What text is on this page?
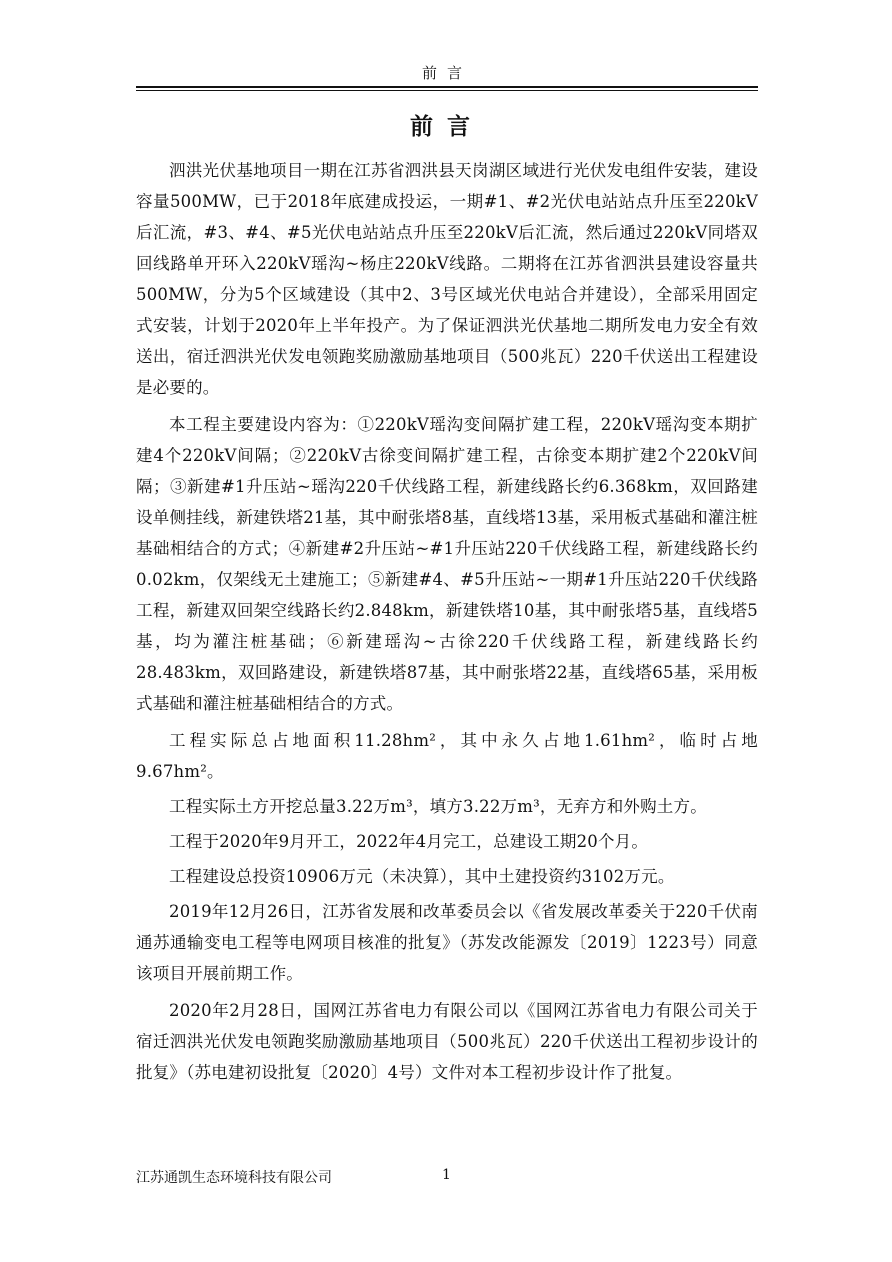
前言
前言

泗洪光伏基地项目一期在江苏省泗洪县天岗湖区域进行光伏发电组件安装，建设容量500MW，已于2018年底建成投运，一期#1、#2光伏电站站点升压至220kV后汇流，#3、#4、#5光伏电站站点升压至220kV后汇流，然后通过220kV同塔双回线路单开环入220kV瑶沟~杨庄220kV线路。二期将在江苏省泗洪县建设容量共500MW，分为5个区域建设（其中2、3号区域光伏电站合并建设），全部采用固定式安装，计划于2020年上半年投产。为了保证泗洪光伏基地二期所发电力安全有效送出，宿迁泗洪光伏发电领跑奖励激励基地项目（500兆瓦）220千伏送出工程建设是必要的。

本工程主要建设内容为：①220kV瑶沟变间隔扩建工程，220kV瑶沟变本期扩建4个220kV间隔；②220kV古徐变间隔扩建工程，古徐变本期扩建2个220kV间隔；③新建#1升压站~瑶沟220千伏线路工程，新建线路长约6.368km，双回路建设单侧挂线，新建铁塔21基，其中耐张塔8基，直线塔13基，采用板式基础和灌注桩基础相结合的方式；④新建#2升压站~#1升压站220千伏线路工程，新建线路长约0.02km，仅架线无土建施工；⑤新建#4、#5升压站~一期#1升压站220千伏线路工程，新建双回架空线路长约2.848km，新建铁塔10基，其中耐张塔5基，直线塔5基，均为灌注桩基础；⑥新建瑶沟~古徐220千伏线路工程，新建线路长约28.483km，双回路建设，新建铁塔87基，其中耐张塔22基，直线塔65基，采用板式基础和灌注桩基础相结合的方式。

工程实际总占地面积11.28hm²，其中永久占地1.61hm²，临时占地9.67hm²。

工程实际土方开挖总量3.22万m³，填方3.22万m³，无弃方和外购土方。

工程于2020年9月开工，2022年4月完工，总建设工期20个月。

工程建设总投资10906万元（未决算），其中土建投资约3102万元。

2019年12月26日，江苏省发展和改革委员会以《省发展改革委关于220千伏南通苏通输变电工程等电网项目核准的批复》（苏发改能源发〔2019〕1223号）同意该项目开展前期工作。

2020年2月28日，国网江苏省电力有限公司以《国网江苏省电力有限公司关于宿迁泗洪光伏发电领跑奖励激励基地项目（500兆瓦）220千伏送出工程初步设计的批复》（苏电建初设批复〔2020〕4号）文件对本工程初步设计作了批复。

江苏通凯生态环境科技有限公司	1
